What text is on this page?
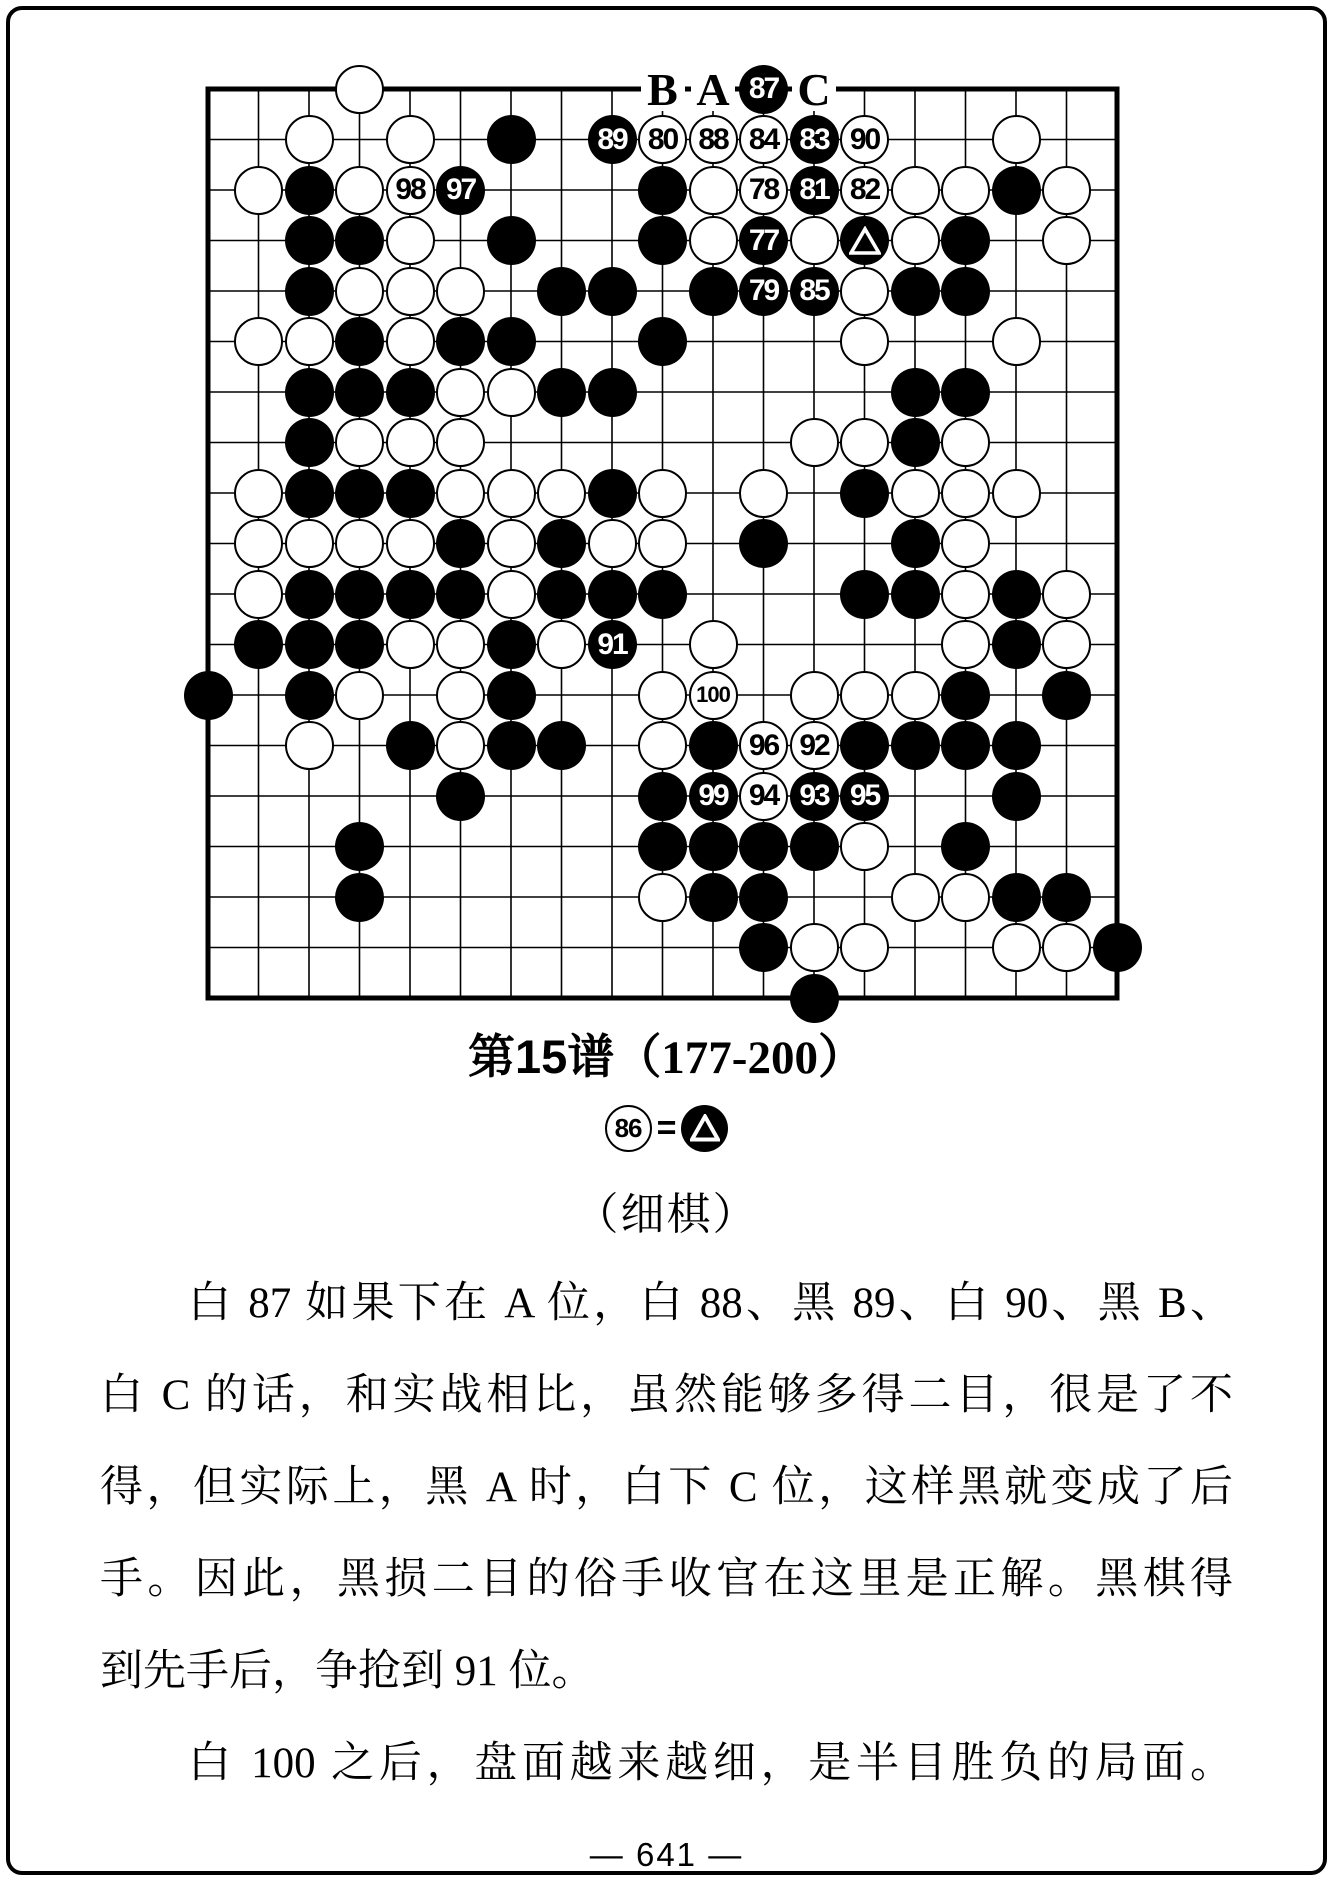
B A C
87
89 80 88 84 83 90
98 97	78 81 82
77
79 85
91
100
96 92
99 94 93 95
第15谱（177-200）
86 =
（细棋）
白 87 如果下在 A 位，白 88、黑 89、白 90、黑 B、
白 C 的话，和实战相比，虽然能够多得二目，很是了不
得，但实际上，黑 A 时，白下 C 位，这样黑就变成了后
手。因此，黑损二目的俗手收官在这里是正解。黑棋得
到先手后，争抢到 91 位。
白 100 之后，盘面越来越细，是半目胜负的局面。
— 641 —
